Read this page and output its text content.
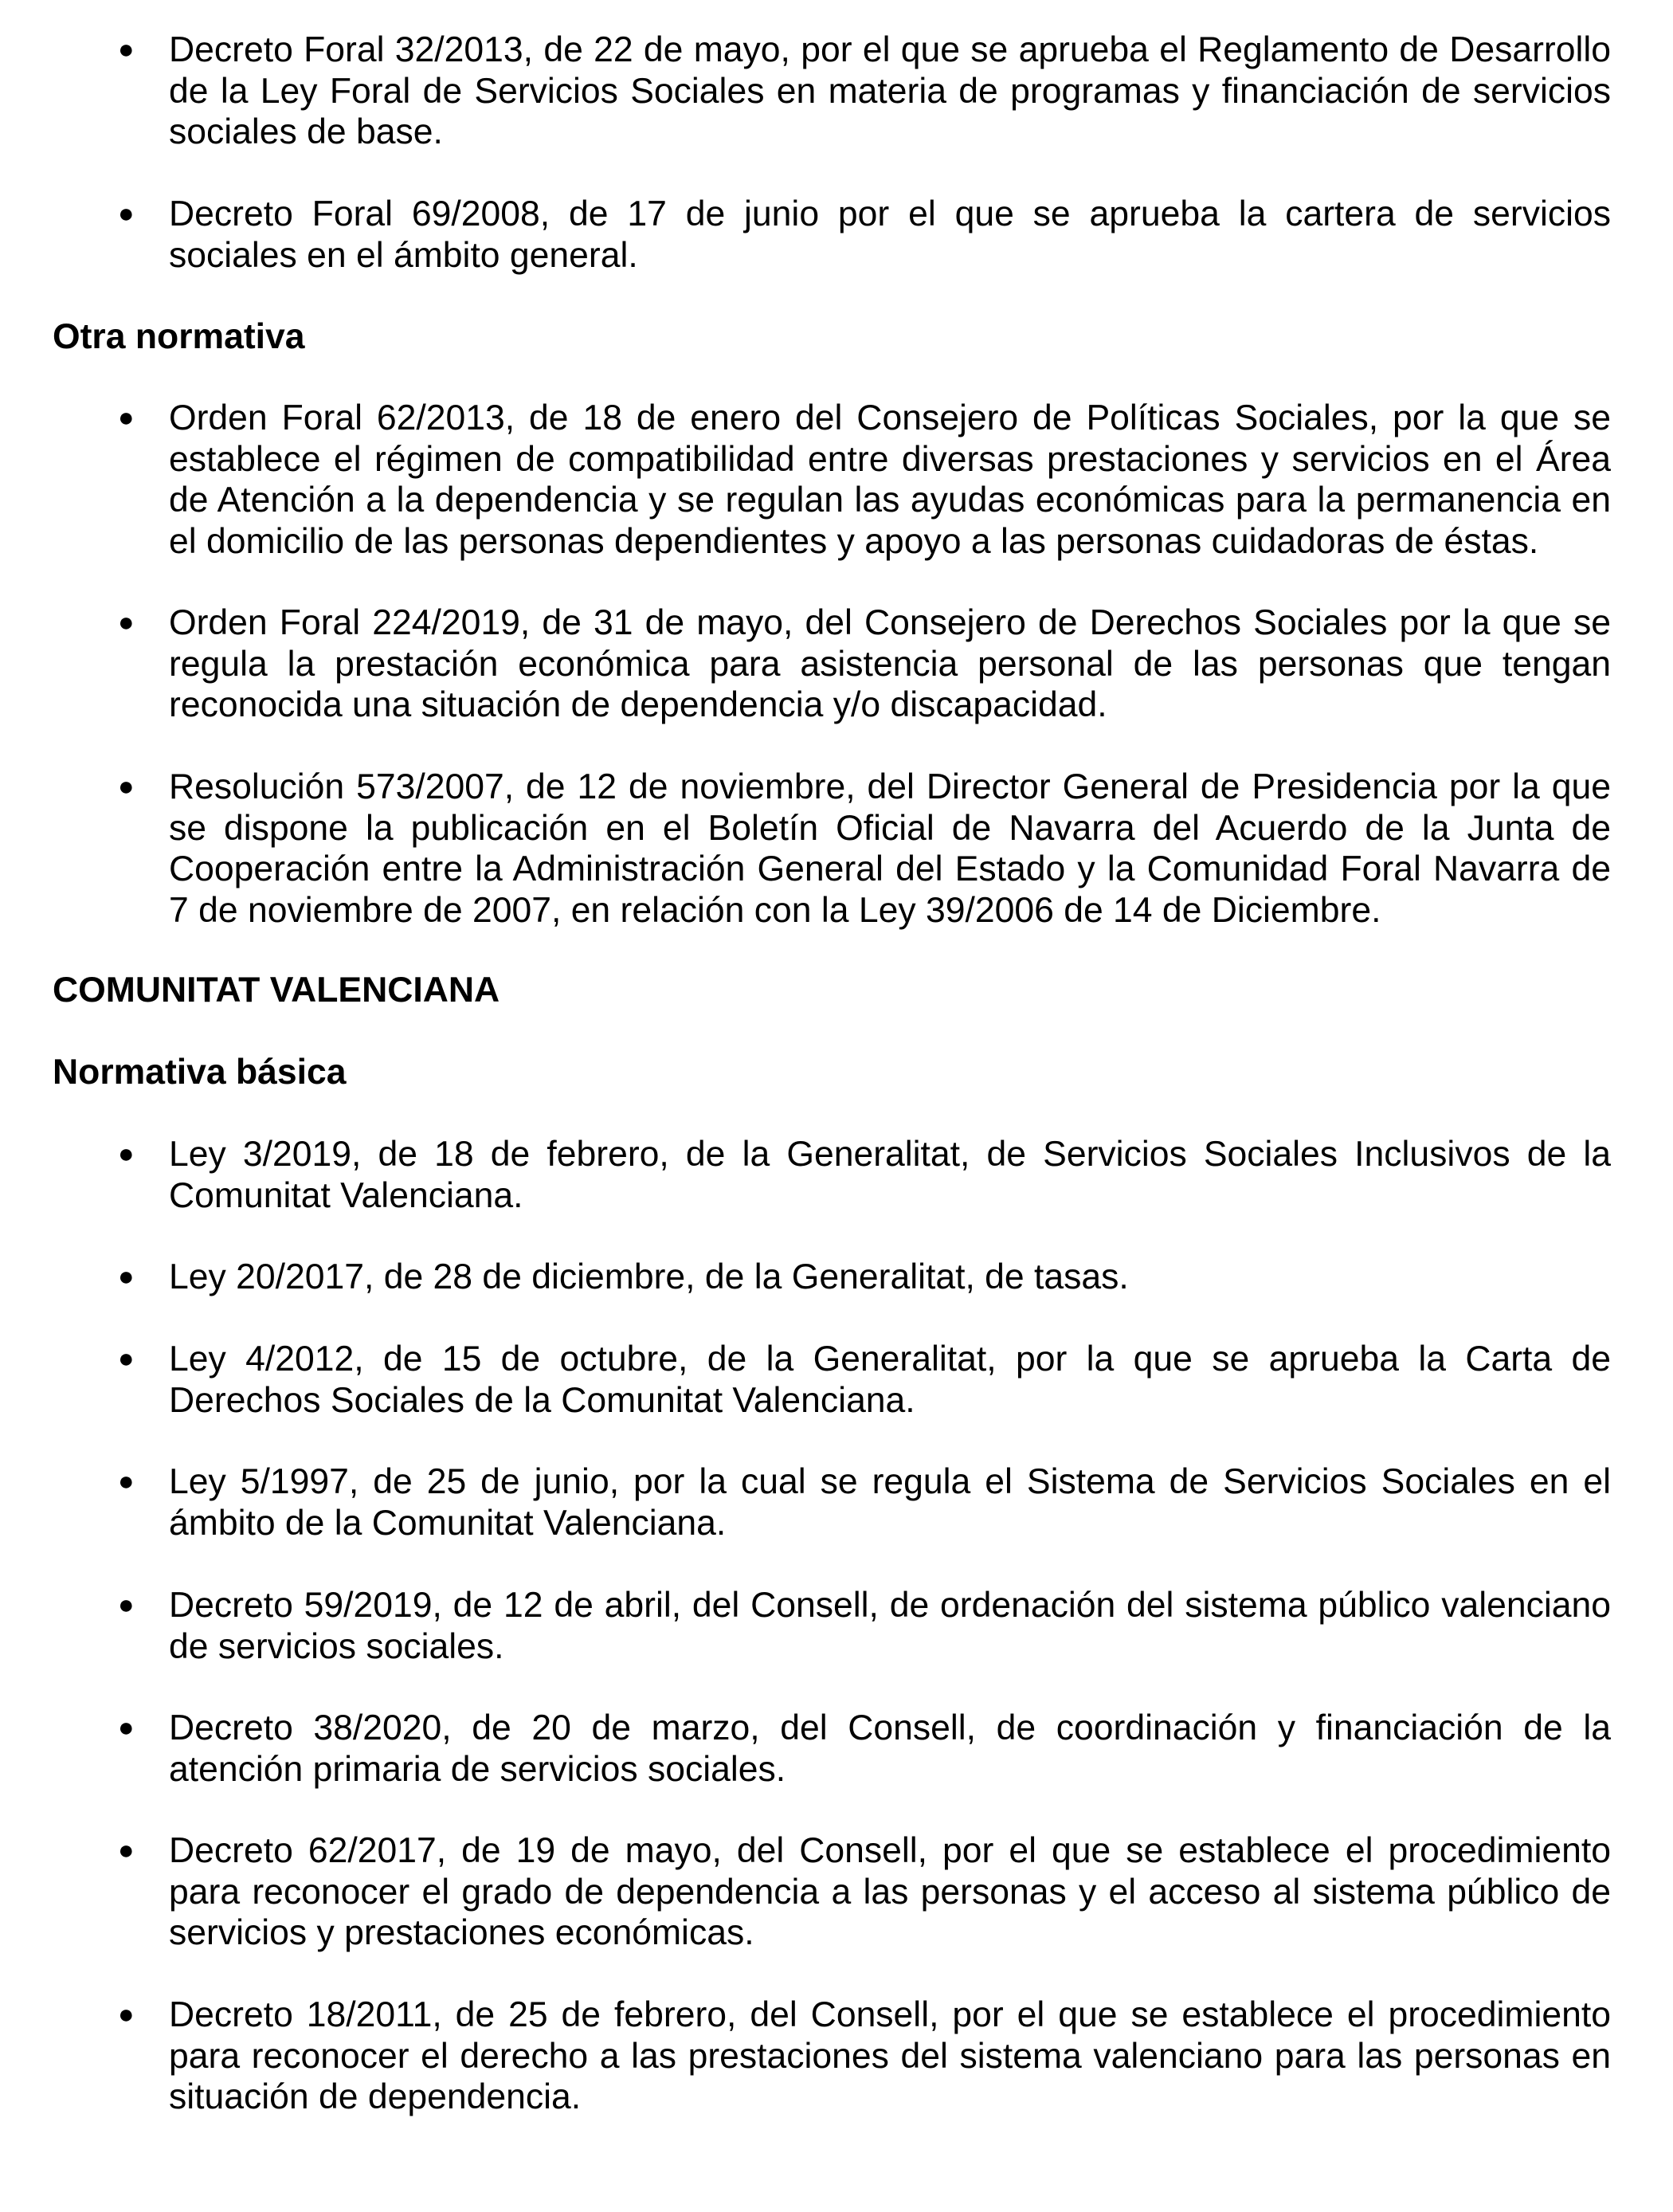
● Decreto Foral 32/2013, de 22 de mayo, por el que se aprueba el Reglamento de Desarrollo de la Ley Foral de Servicios Sociales en materia de programas y financiación de servicios sociales de base.
● Decreto Foral 69/2008, de 17 de junio por el que se aprueba la cartera de servicios sociales en el ámbito general.
Otra normativa
● Orden Foral 62/2013, de 18 de enero del Consejero de Políticas Sociales, por la que se establece el régimen de compatibilidad entre diversas prestaciones y servicios en el Área de Atención a la dependencia y se regulan las ayudas económicas para la permanencia en el domicilio de las personas dependientes y apoyo a las personas cuidadoras de éstas.
● Orden Foral 224/2019, de 31 de mayo, del Consejero de Derechos Sociales por la que se regula la prestación económica para asistencia personal de las personas que tengan reconocida una situación de dependencia y/o discapacidad.
● Resolución 573/2007, de 12 de noviembre, del Director General de Presidencia por la que se dispone la publicación en el Boletín Oficial de Navarra del Acuerdo de la Junta de Cooperación entre la Administración General del Estado y la Comunidad Foral Navarra de 7 de noviembre de 2007, en relación con la Ley 39/2006 de 14 de Diciembre.
COMUNITAT VALENCIANA
Normativa básica
● Ley 3/2019, de 18 de febrero, de la Generalitat, de Servicios Sociales Inclusivos de la Comunitat Valenciana.
● Ley 20/2017, de 28 de diciembre, de la Generalitat, de tasas.
● Ley 4/2012, de 15 de octubre, de la Generalitat, por la que se aprueba la Carta de Derechos Sociales de la Comunitat Valenciana.
● Ley 5/1997, de 25 de junio, por la cual se regula el Sistema de Servicios Sociales en el ámbito de la Comunitat Valenciana.
● Decreto 59/2019, de 12 de abril, del Consell, de ordenación del sistema público valenciano de servicios sociales.
● Decreto 38/2020, de 20 de marzo, del Consell, de coordinación y financiación de la atención primaria de servicios sociales.
● Decreto 62/2017, de 19 de mayo, del Consell, por el que se establece el procedimiento para reconocer el grado de dependencia a las personas y el acceso al sistema público de servicios y prestaciones económicas.
● Decreto 18/2011, de 25 de febrero, del Consell, por el que se establece el procedimiento para reconocer el derecho a las prestaciones del sistema valenciano para las personas en situación de dependencia.
